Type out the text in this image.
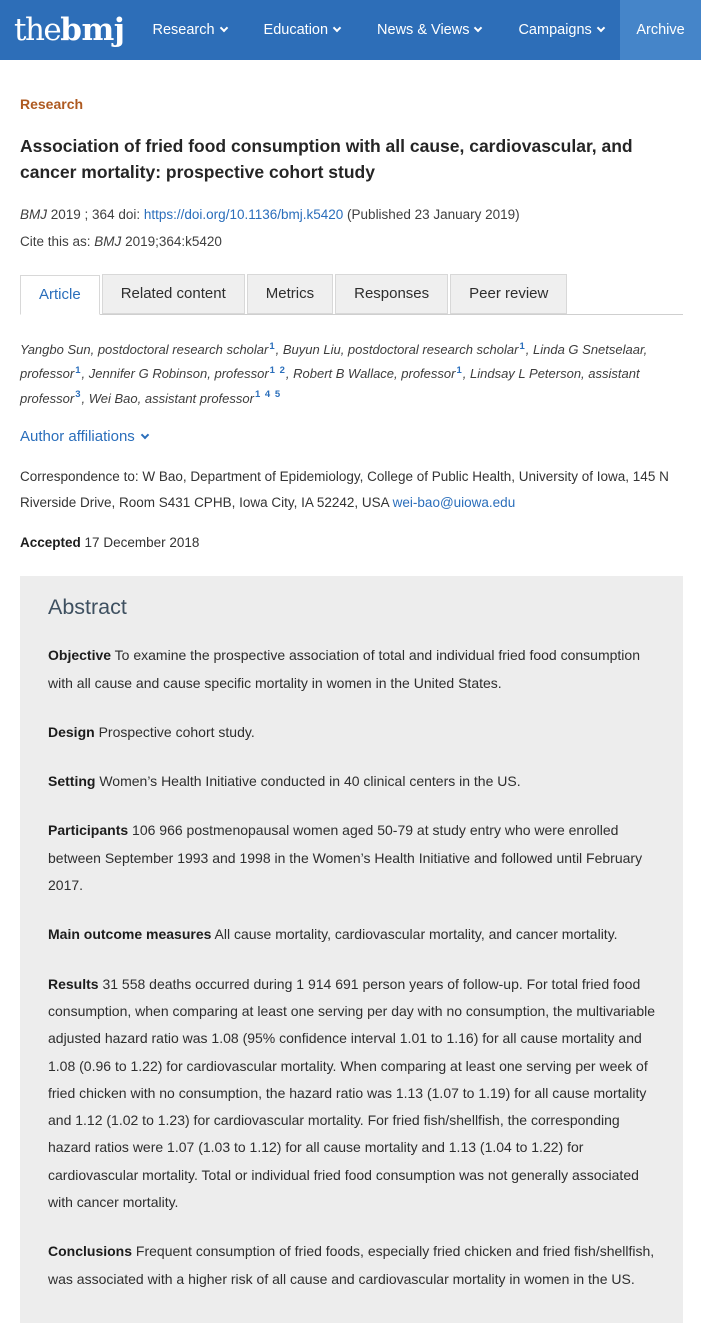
thebmj Research	Education	News & Views	Campaigns	Archive
Research
Association of fried food consumption with all cause, cardiovascular, and cancer mortality: prospective cohort study
BMJ 2019 ; 364 doi: https://doi.org/10.1136/bmj.k5420 (Published 23 January 2019)
Cite this as: BMJ 2019;364:k5420
Article	Related content	Metrics	Responses	Peer review
Yangbo Sun, postdoctoral research scholar$^1$, Buyun Liu, postdoctoral research scholar$^1$, Linda G Snetselaar, professor$^1$, Jennifer G Robinson, professor$^{1 2}$, Robert B Wallace, professor$^1$, Lindsay L Peterson, assistant professor$^3$, Wei Bao, assistant professor$^{1 4 5}$
Author affiliations
Correspondence to: W Bao, Department of Epidemiology, College of Public Health, University of Iowa, 145 N Riverside Drive, Room S431 CPHB, Iowa City, IA 52242, USA wei-bao@uiowa.edu
Accepted 17 December 2018
Abstract

Objective To examine the prospective association of total and individual fried food consumption with all cause and cause specific mortality in women in the United States.

Design Prospective cohort study.

Setting Women’s Health Initiative conducted in 40 clinical centers in the US.

Participants 106 966 postmenopausal women aged 50-79 at study entry who were enrolled between September 1993 and 1998 in the Women’s Health Initiative and followed until February 2017.

Main outcome measures All cause mortality, cardiovascular mortality, and cancer mortality.

Results 31 558 deaths occurred during 1 914 691 person years of follow-up. For total fried food consumption, when comparing at least one serving per day with no consumption, the multivariable adjusted hazard ratio was 1.08 (95% confidence interval 1.01 to 1.16) for all cause mortality and 1.08 (0.96 to 1.22) for cardiovascular mortality. When comparing at least one serving per week of fried chicken with no consumption, the hazard ratio was 1.13 (1.07 to 1.19) for all cause mortality and 1.12 (1.02 to 1.23) for cardiovascular mortality. For fried fish/shellfish, the corresponding hazard ratios were 1.07 (1.03 to 1.12) for all cause mortality and 1.13 (1.04 to 1.22) for cardiovascular mortality. Total or individual fried food consumption was not generally associated with cancer mortality.

Conclusions Frequent consumption of fried foods, especially fried chicken and fried fish/shellfish, was associated with a higher risk of all cause and cardiovascular mortality in women in the US.
